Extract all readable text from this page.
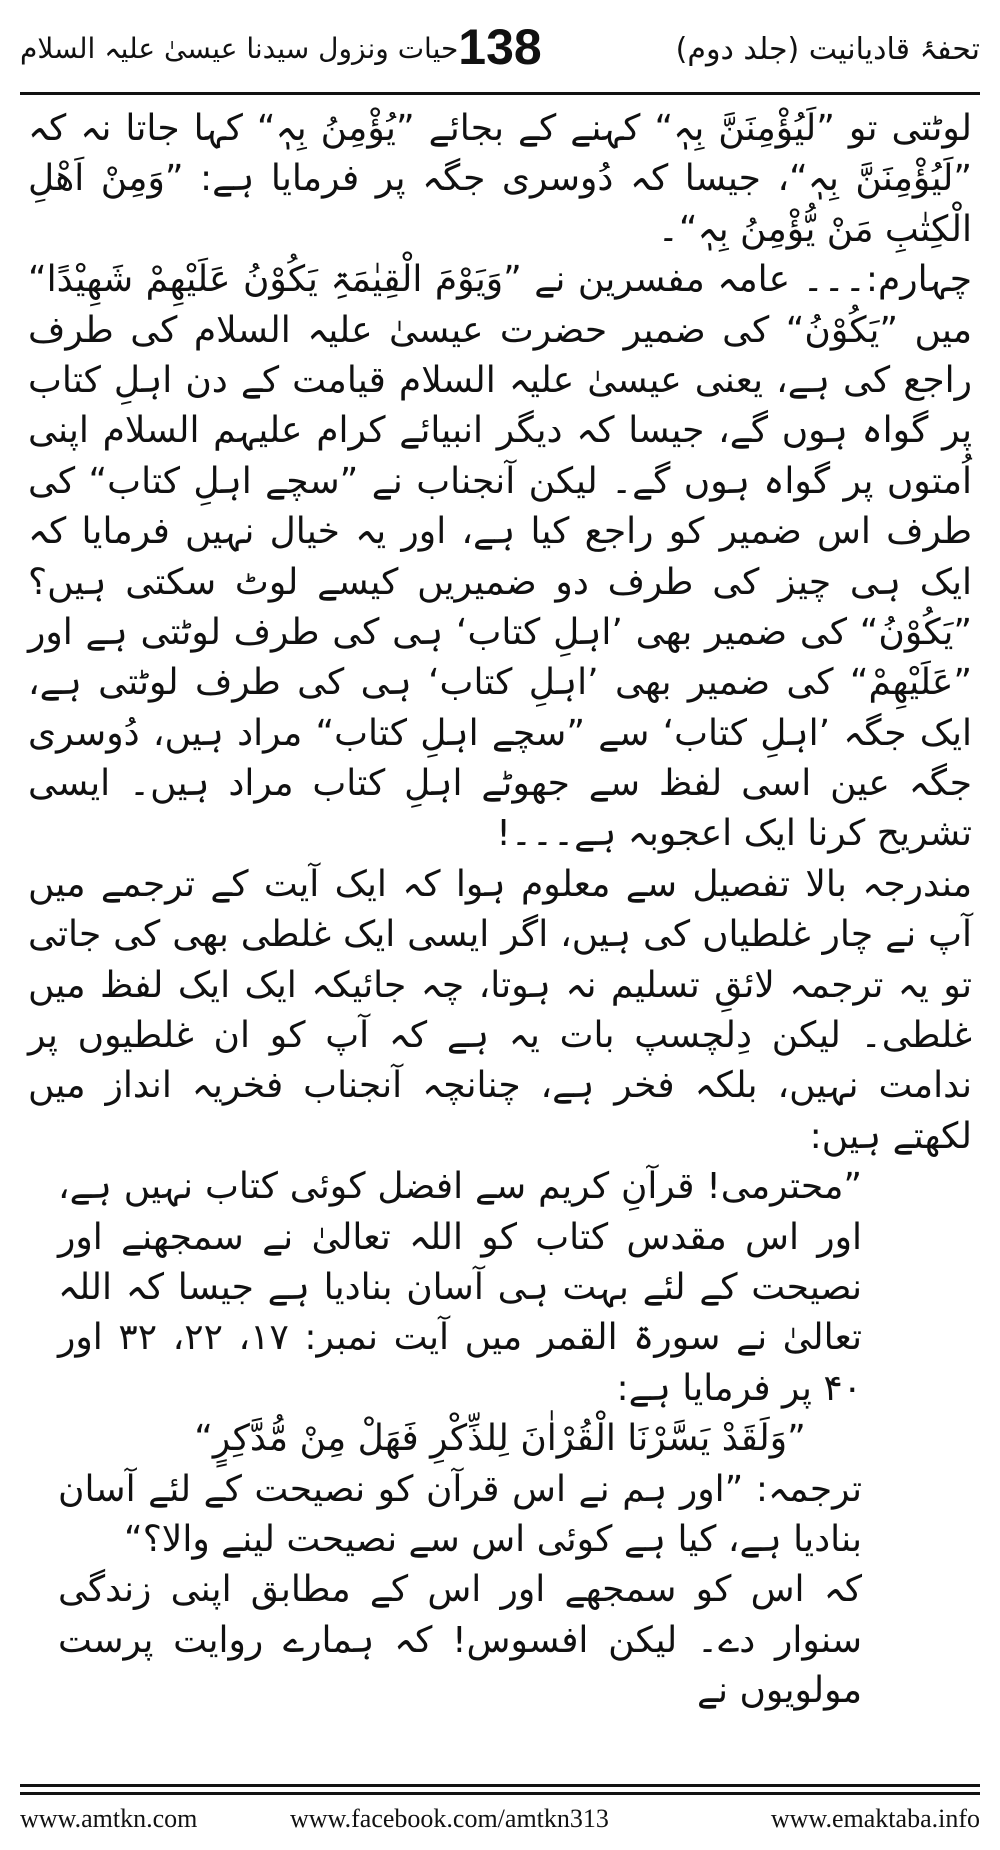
تحفۂ قادیانیت (جلد دوم)
138
حیات ونزول سیدنا عیسیٰ علیہ السلام

لوٹتی تو ”لَیُؤْمِنَنَّ بِہٖ“ کہنے کے بجائے ”یُؤْمِنُ بِہٖ“ کہا جاتا نہ کہ ”لَیُؤْمِنَنَّ بِہٖ“، جیسا کہ دُوسری جگہ پر فرمایا ہے: ”وَمِنْ اَھْلِ الْکِتٰبِ مَنْ یُّؤْمِنُ بِہٖ“۔

چہارم:۔۔۔ عامہ مفسرین نے ”وَیَوْمَ الْقِیٰمَۃِ یَکُوْنُ عَلَیْھِمْ شَھِیْدًا“ میں ”یَکُوْنُ“ کی ضمیر حضرت عیسیٰ علیہ السلام کی طرف راجع کی ہے، یعنی عیسیٰ علیہ السلام قیامت کے دن اہلِ کتاب پر گواہ ہوں گے، جیسا کہ دیگر انبیائے کرام علیہم السلام اپنی اُمتوں پر گواہ ہوں گے۔ لیکن آنجناب نے ”سچے اہلِ کتاب“ کی طرف اس ضمیر کو راجع کیا ہے، اور یہ خیال نہیں فرمایا کہ ایک ہی چیز کی طرف دو ضمیریں کیسے لوٹ سکتی ہیں؟ ”یَکُوْنُ“ کی ضمیر بھی ’اہلِ کتاب‘ ہی کی طرف لوٹتی ہے اور ”عَلَیْھِمْ“ کی ضمیر بھی ’اہلِ کتاب‘ ہی کی طرف لوٹتی ہے، ایک جگہ ’اہلِ کتاب‘ سے ”سچے اہلِ کتاب“ مراد ہیں، دُوسری جگہ عین اسی لفظ سے جھوٹے اہلِ کتاب مراد ہیں۔ ایسی تشریح کرنا ایک اعجوبہ ہے۔۔۔!

مندرجہ بالا تفصیل سے معلوم ہوا کہ ایک آیت کے ترجمے میں آپ نے چار غلطیاں کی ہیں، اگر ایسی ایک غلطی بھی کی جاتی تو یہ ترجمہ لائقِ تسلیم نہ ہوتا، چہ جائیکہ ایک ایک لفظ میں غلطی۔ لیکن دِلچسپ بات یہ ہے کہ آپ کو ان غلطیوں پر ندامت نہیں، بلکہ فخر ہے، چنانچہ آنجناب فخریہ انداز میں لکھتے ہیں:

”محترمی! قرآنِ کریم سے افضل کوئی کتاب نہیں ہے، اور اس مقدس کتاب کو اللہ تعالیٰ نے سمجھنے اور نصیحت کے لئے بہت ہی آسان بنادیا ہے جیسا کہ اللہ تعالیٰ نے سورۃ القمر میں آیت نمبر: ۱۷، ۲۲، ۳۲ اور ۴۰ پر فرمایا ہے:

”وَلَقَدْ یَسَّرْنَا الْقُرْاٰنَ لِلذِّکْرِ فَھَلْ مِنْ مُّدَّکِرٍ“

ترجمہ: ”اور ہم نے اس قرآن کو نصیحت کے لئے آسان بنادیا ہے، کیا ہے کوئی اس سے نصیحت لینے والا؟“

کہ اس کو سمجھے اور اس کے مطابق اپنی زندگی سنوار دے۔ لیکن افسوس! کہ ہمارے روایت پرست مولویوں نے

www.amtkn.com	www.facebook.com/amtkn313	www.emaktaba.info
